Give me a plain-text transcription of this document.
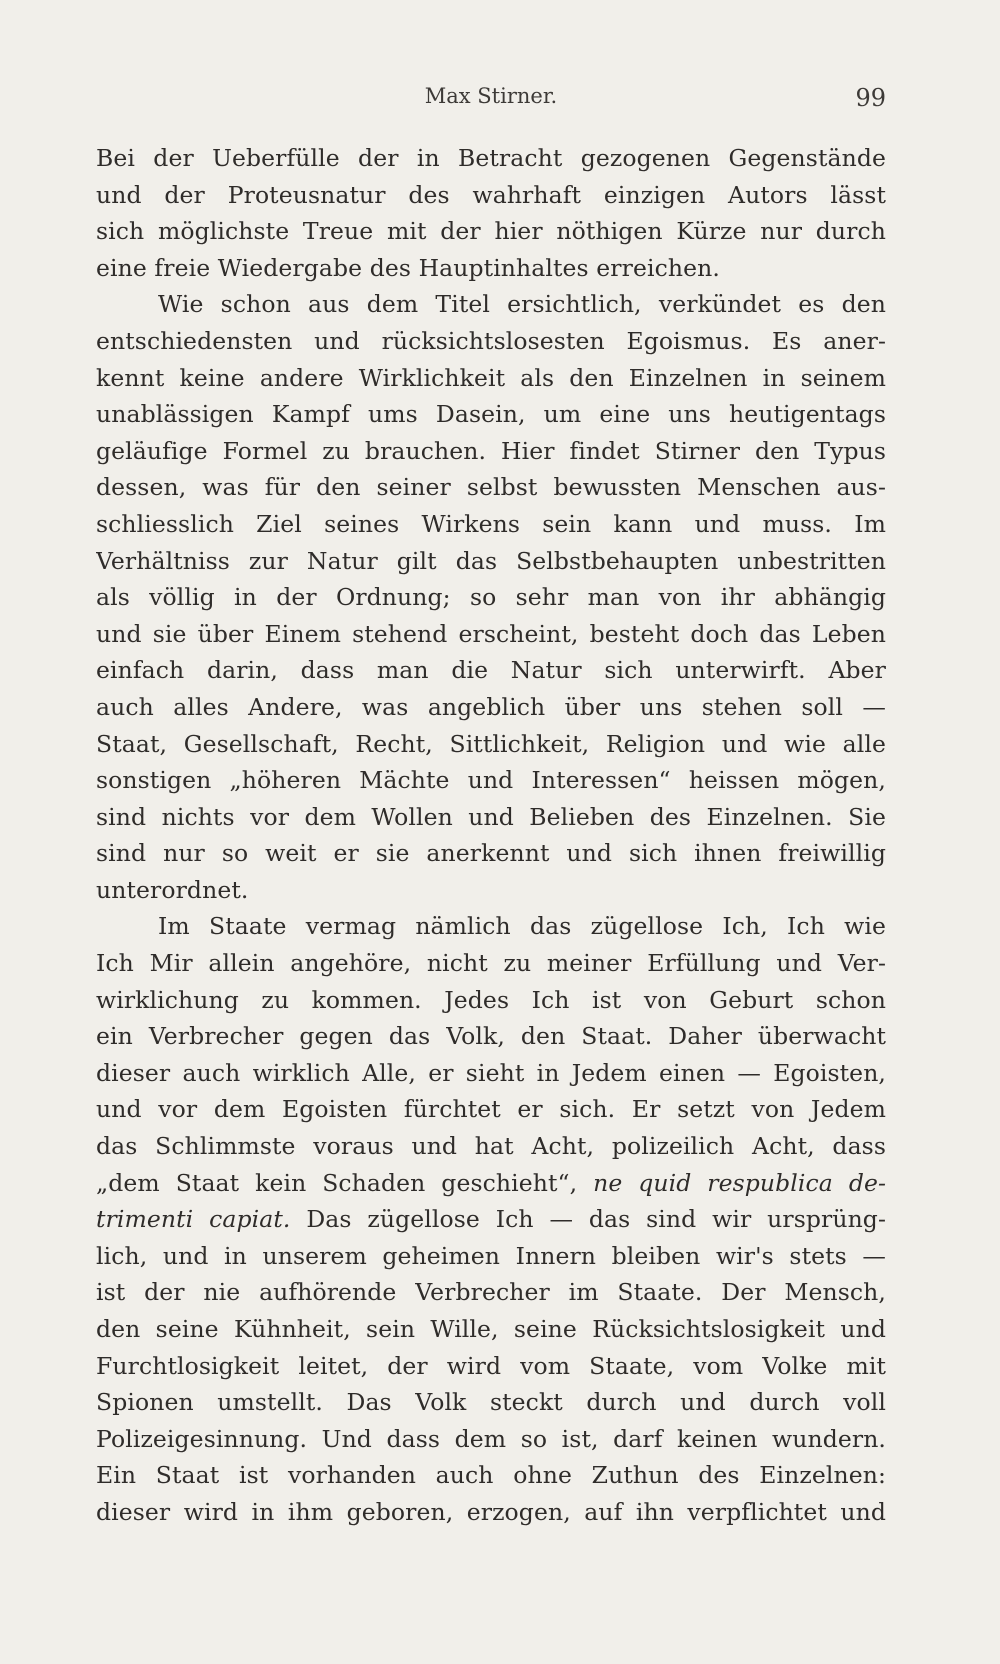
Max Stirner.	99
Bei der Ueberfülle der in Betracht gezogenen Gegenstände
und der Proteusnatur des wahrhaft einzigen Autors lässt
sich möglichste Treue mit der hier nöthigen Kürze nur durch
eine freie Wiedergabe des Hauptinhaltes erreichen.
Wie schon aus dem Titel ersichtlich, verkündet es den
entschiedensten und rücksichtslosesten Egoismus. Es aner-
kennt keine andere Wirklichkeit als den Einzelnen in seinem
unablässigen Kampf ums Dasein, um eine uns heutigentags
geläufige Formel zu brauchen. Hier findet Stirner den Typus
dessen, was für den seiner selbst bewussten Menschen aus-
schliesslich Ziel seines Wirkens sein kann und muss. Im
Verhältniss zur Natur gilt das Selbstbehaupten unbestritten
als völlig in der Ordnung; so sehr man von ihr abhängig
und sie über Einem stehend erscheint, besteht doch das Leben
einfach darin, dass man die Natur sich unterwirft. Aber
auch alles Andere, was angeblich über uns stehen soll —
Staat, Gesellschaft, Recht, Sittlichkeit, Religion und wie alle
sonstigen „höheren Mächte und Interessen“ heissen mögen,
sind nichts vor dem Wollen und Belieben des Einzelnen. Sie
sind nur so weit er sie anerkennt und sich ihnen freiwillig
unterordnet.
Im Staate vermag nämlich das zügellose Ich, Ich wie
Ich Mir allein angehöre, nicht zu meiner Erfüllung und Ver-
wirklichung zu kommen. Jedes Ich ist von Geburt schon
ein Verbrecher gegen das Volk, den Staat. Daher überwacht
dieser auch wirklich Alle, er sieht in Jedem einen — Egoisten,
und vor dem Egoisten fürchtet er sich. Er setzt von Jedem
das Schlimmste voraus und hat Acht, polizeilich Acht, dass
„dem Staat kein Schaden geschieht“, ne quid respublica de-
trimenti capiat. Das zügellose Ich — das sind wir ursprüng-
lich, und in unserem geheimen Innern bleiben wir's stets —
ist der nie aufhörende Verbrecher im Staate. Der Mensch,
den seine Kühnheit, sein Wille, seine Rücksichtslosigkeit und
Furchtlosigkeit leitet, der wird vom Staate, vom Volke mit
Spionen umstellt. Das Volk steckt durch und durch voll
Polizeigesinnung. Und dass dem so ist, darf keinen wundern.
Ein Staat ist vorhanden auch ohne Zuthun des Einzelnen:
dieser wird in ihm geboren, erzogen, auf ihn verpflichtet und
